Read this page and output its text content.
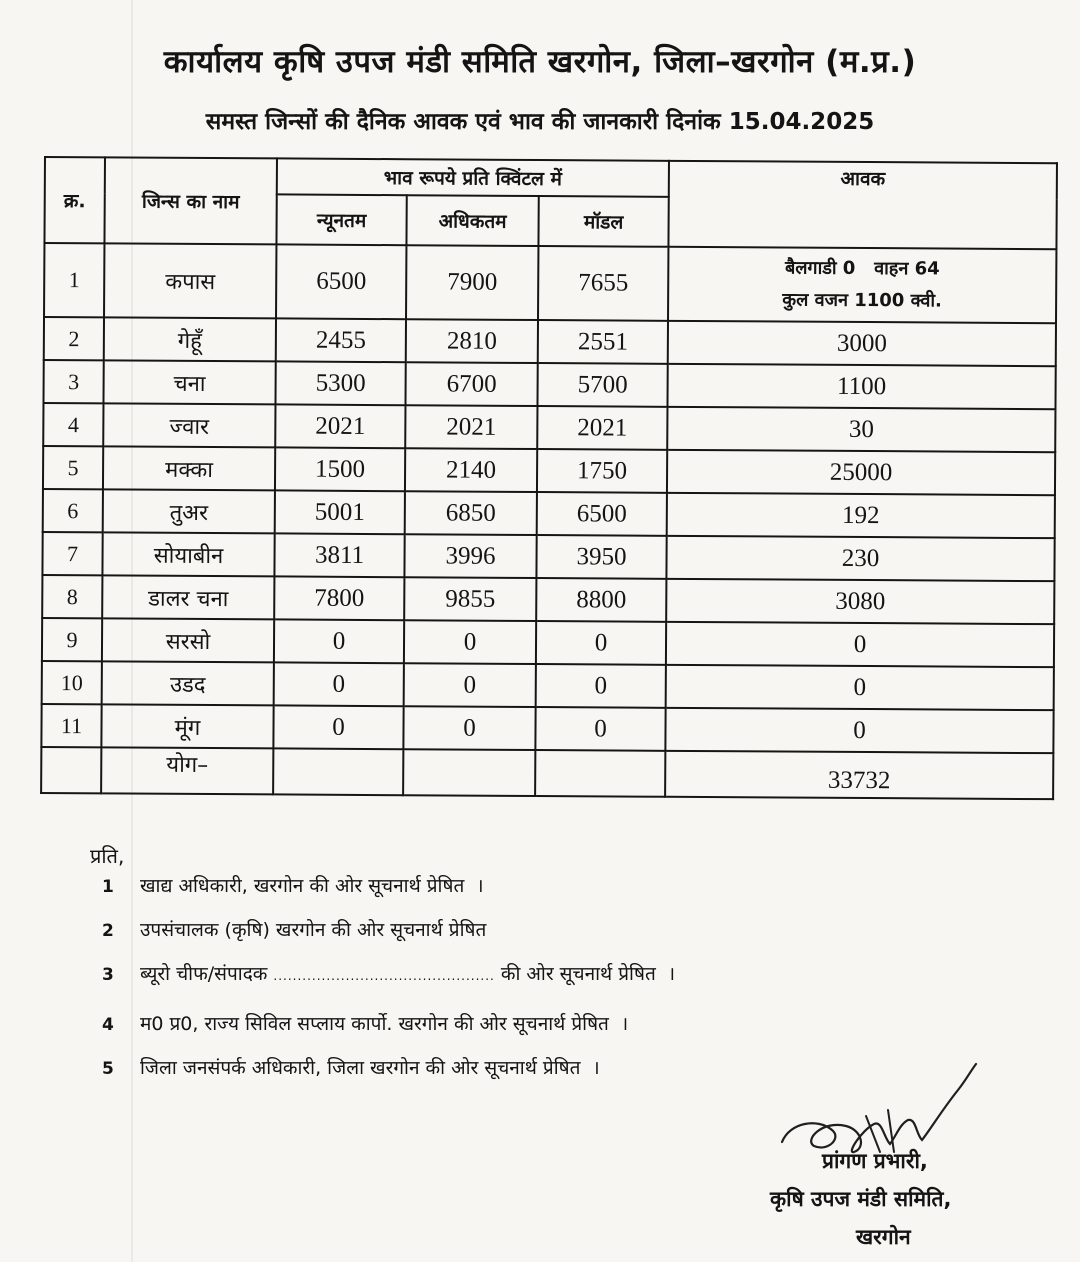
कार्यालय कृषि उपज मंडी समिति खरगोन, जिला–खरगोन (म.प्र.)
समस्त जिन्सों की दैनिक आवक एवं भाव की जानकारी दिनांक 15.04.2025
क्र.	जिन्स का नाम	भाव रूपये प्रति क्विंटल में			आवक
		न्यूनतम	अधिकतम	मॉडल	
1	कपास	6500	7900	7655	बैलगाडी 0   वाहन 64
कुल वजन 1100 क्वी.

2	गेहूँ	2455	2810	2551	3000
3	चना	5300	6700	5700	1100
4	ज्वार	2021	2021	2021	30
5	मक्का	1500	2140	1750	25000
6	तुअर	5001	6850	6500	192
7	सोयाबीन	3811	3996	3950	230
8	डालर चना	7800	9855	8800	3080
9	सरसो	0	0	0	0
10	उडद	0	0	0	0
11	मूंग	0	0	0	0
	योग–				33732
प्रति,
1	खाद्य अधिकारी, खरगोन की ओर सूचनार्थ प्रेषित  ।
2	उपसंचालक (कृषि) खरगोन की ओर सूचनार्थ प्रेषित
3	ब्यूरो चीफ/संपादक .............................................. की ओर सूचनार्थ प्रेषित  ।
4	म0 प्र0, राज्य सिविल सप्लाय कार्पो. खरगोन की ओर सूचनार्थ प्रेषित  ।
5	जिला जनसंपर्क अधिकारी, जिला खरगोन की ओर सूचनार्थ प्रेषित  ।
प्रांगण प्रभारी,
कृषि उपज मंडी समिति,
खरगोन
